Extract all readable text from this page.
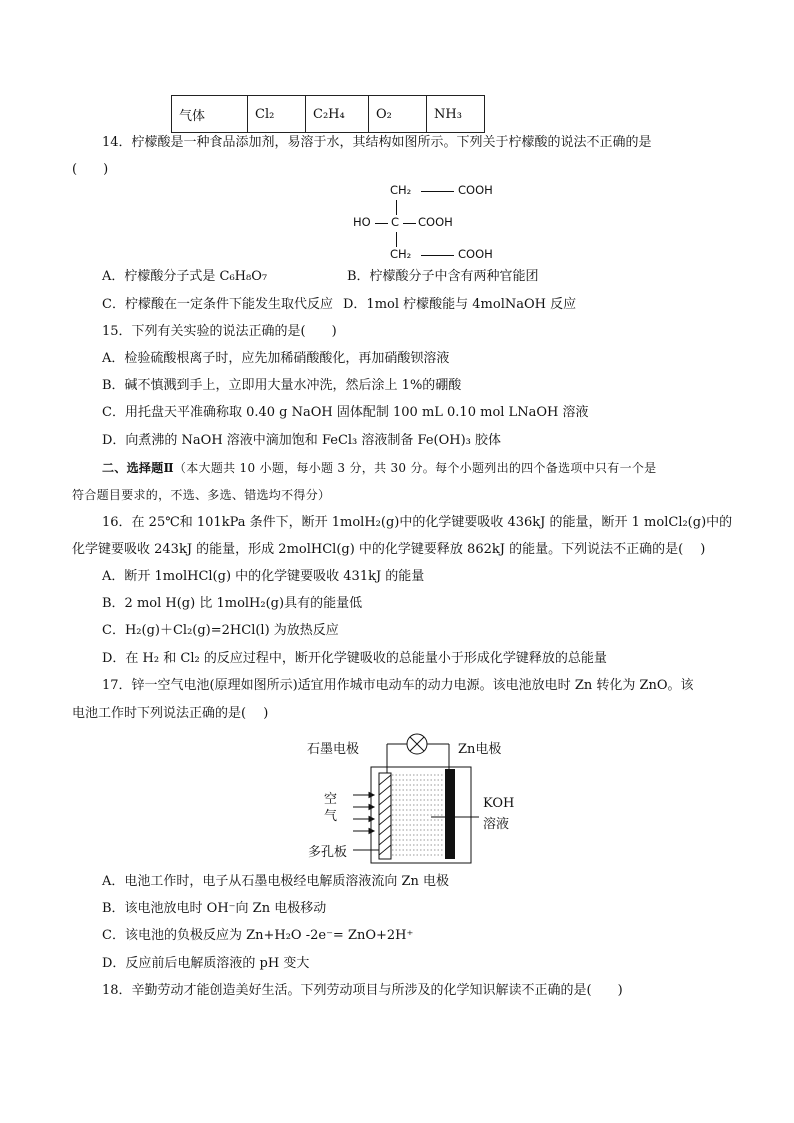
气体	Cl₂	C₂H₄	O₂	NH₃
14．柠檬酸是一种食品添加剂，易溶于水，其结构如图所示。下列关于柠檬酸的说法不正确的是
(　　)
CH₂	COOH
HO C COOH
CH₂	COOH
A．柠檬酸分子式是 C₆H₈O₇	B．柠檬酸分子中含有两种官能团
C．柠檬酸在一定条件下能发生取代反应 D．1mol 柠檬酸能与 4molNaOH 反应
15．下列有关实验的说法正确的是(　　)
A．检验硫酸根离子时，应先加稀硝酸酸化，再加硝酸钡溶液
B．碱不慎溅到手上，立即用大量水冲洗，然后涂上 1%的硼酸
C．用托盘天平准确称取 0.40 g NaOH 固体配制 100 mL 0.10 mol LNaOH 溶液
D．向煮沸的 NaOH 溶液中滴加饱和 FeCl₃ 溶液制备 Fe(OH)₃ 胶体
二、选择题Ⅱ（本大题共 10 小题，每小题 3 分，共 30 分。每个小题列出的四个备选项中只有一个是
符合题目要求的，不选、多选、错选均不得分）
16．在 25℃和 101kPa 条件下，断开 1molH₂(g)中的化学键要吸收 436kJ 的能量，断开 1 molCl₂(g)中的
化学键要吸收 243kJ 的能量，形成 2molHCl(g) 中的化学键要释放 862kJ 的能量。下列说法不正确的是(　 )
A．断开 1molHCl(g) 中的化学键要吸收 431kJ 的能量
B．2 mol H(g) 比 1molH₂(g)具有的能量低
C．H₂(g)＋Cl₂(g)=2HCl(l) 为放热反应
D．在 H₂ 和 Cl₂ 的反应过程中，断开化学键吸收的总能量小于形成化学键释放的总能量
17．锌一空气电池(原理如图所示)适宜用作城市电动车的动力电源。该电池放电时 Zn 转化为 ZnO。该
电池工作时下列说法正确的是(　 )
石墨电极	Zn电极
空
气
KOH
溶液
多孔板
A．电池工作时，电子从石墨电极经电解质溶液流向 Zn 电极
B．该电池放电时 OH⁻向 Zn 电极移动
C．该电池的负极反应为 Zn+H₂O -2e⁻= ZnO+2H⁺
D．反应前后电解质溶液的 pH 变大
18．辛勤劳动才能创造美好生活。下列劳动项目与所涉及的化学知识解读不正确的是(　　)
